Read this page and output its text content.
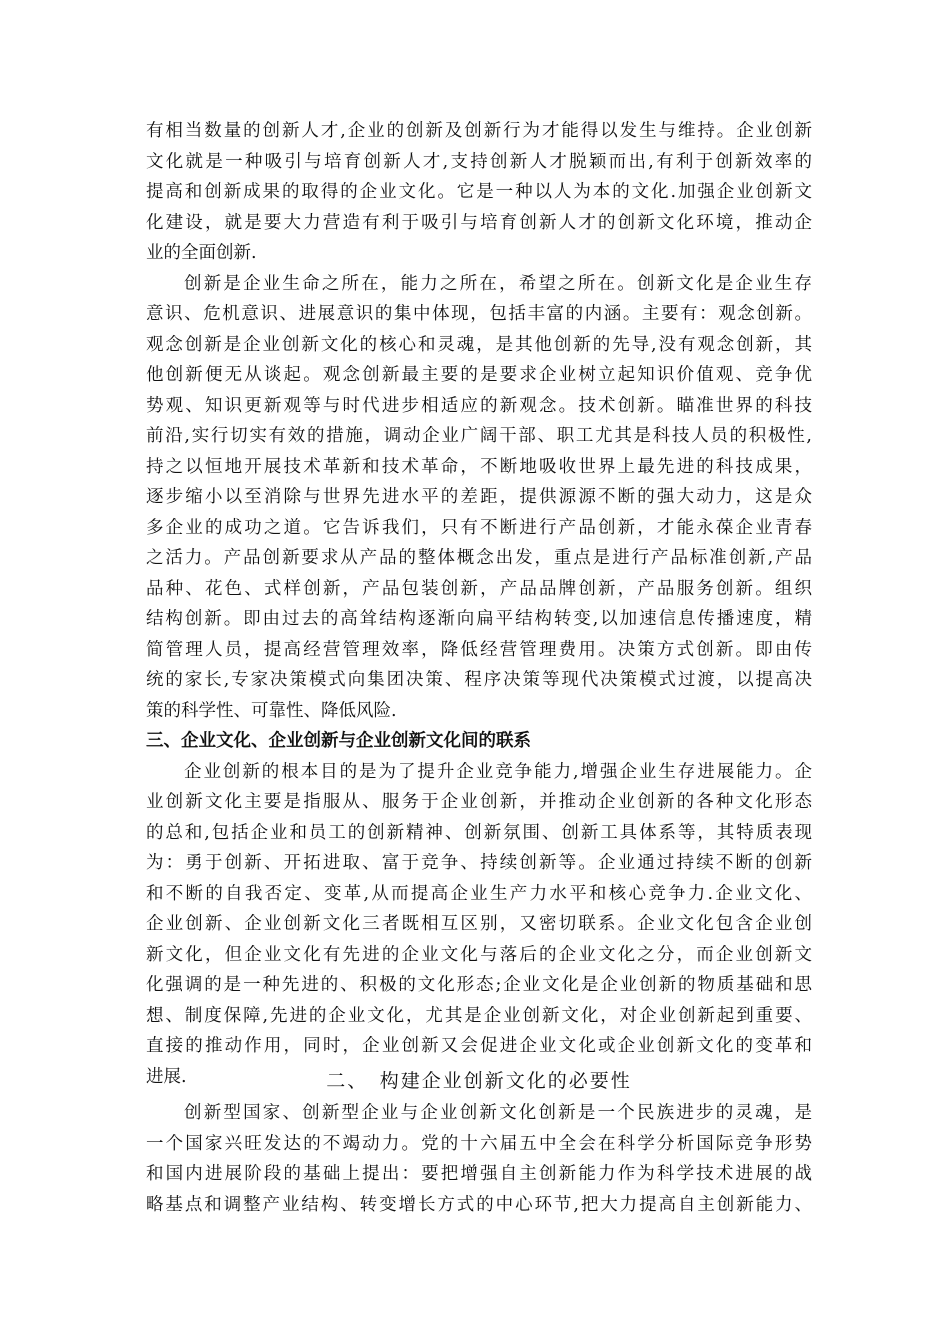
有相当数量的创新人才,企业的创新及创新行为才能得以发生与维持。企业创新
文化就是一种吸引与培育创新人才,支持创新人才脱颖而出,有利于创新效率的
提高和创新成果的取得的企业文化。它是一种以人为本的文化.加强企业创新文
化建设，就是要大力营造有利于吸引与培育创新人才的创新文化环境，推动企
业的全面创新.
创新是企业生命之所在，能力之所在，希望之所在。创新文化是企业生存
意识、危机意识、进展意识的集中体现，包括丰富的内涵。主要有：观念创新。
观念创新是企业创新文化的核心和灵魂，是其他创新的先导,没有观念创新，其
他创新便无从谈起。观念创新最主要的是要求企业树立起知识价值观、竞争优
势观、知识更新观等与时代进步相适应的新观念。技术创新。瞄准世界的科技
前沿,实行切实有效的措施，调动企业广阔干部、职工尤其是科技人员的积极性,
持之以恒地开展技术革新和技术革命，不断地吸收世界上最先进的科技成果，
逐步缩小以至消除与世界先进水平的差距，提供源源不断的强大动力，这是众
多企业的成功之道。它告诉我们，只有不断进行产品创新，才能永葆企业青春
之活力。产品创新要求从产品的整体概念出发，重点是进行产品标准创新,产品
品种、花色、式样创新，产品包装创新，产品品牌创新，产品服务创新。组织
结构创新。即由过去的高耸结构逐渐向扁平结构转变,以加速信息传播速度，精
简管理人员，提高经营管理效率，降低经营管理费用。决策方式创新。即由传
统的家长,专家决策模式向集团决策、程序决策等现代决策模式过渡，以提高决
策的科学性、可靠性、降低风险.
三、企业文化、企业创新与企业创新文化间的联系
企业创新的根本目的是为了提升企业竞争能力,增强企业生存进展能力。企
业创新文化主要是指服从、服务于企业创新，并推动企业创新的各种文化形态
的总和,包括企业和员工的创新精神、创新氛围、创新工具体系等，其特质表现
为：勇于创新、开拓进取、富于竞争、持续创新等。企业通过持续不断的创新
和不断的自我否定、变革,从而提高企业生产力水平和核心竞争力.企业文化、
企业创新、企业创新文化三者既相互区别，又密切联系。企业文化包含企业创
新文化，但企业文化有先进的企业文化与落后的企业文化之分，而企业创新文
化强调的是一种先进的、积极的文化形态;企业文化是企业创新的物质基础和思
想、制度保障,先进的企业文化，尤其是企业创新文化，对企业创新起到重要、
直接的推动作用，同时，企业创新又会促进企业文化或企业创新文化的变革和
进展.	二、　构建企业创新文化的必要性
创新型国家、创新型企业与企业创新文化创新是一个民族进步的灵魂，是
一个国家兴旺发达的不竭动力。党的十六届五中全会在科学分析国际竞争形势
和国内进展阶段的基础上提出：要把增强自主创新能力作为科学技术进展的战
略基点和调整产业结构、转变增长方式的中心环节,把大力提高自主创新能力、
